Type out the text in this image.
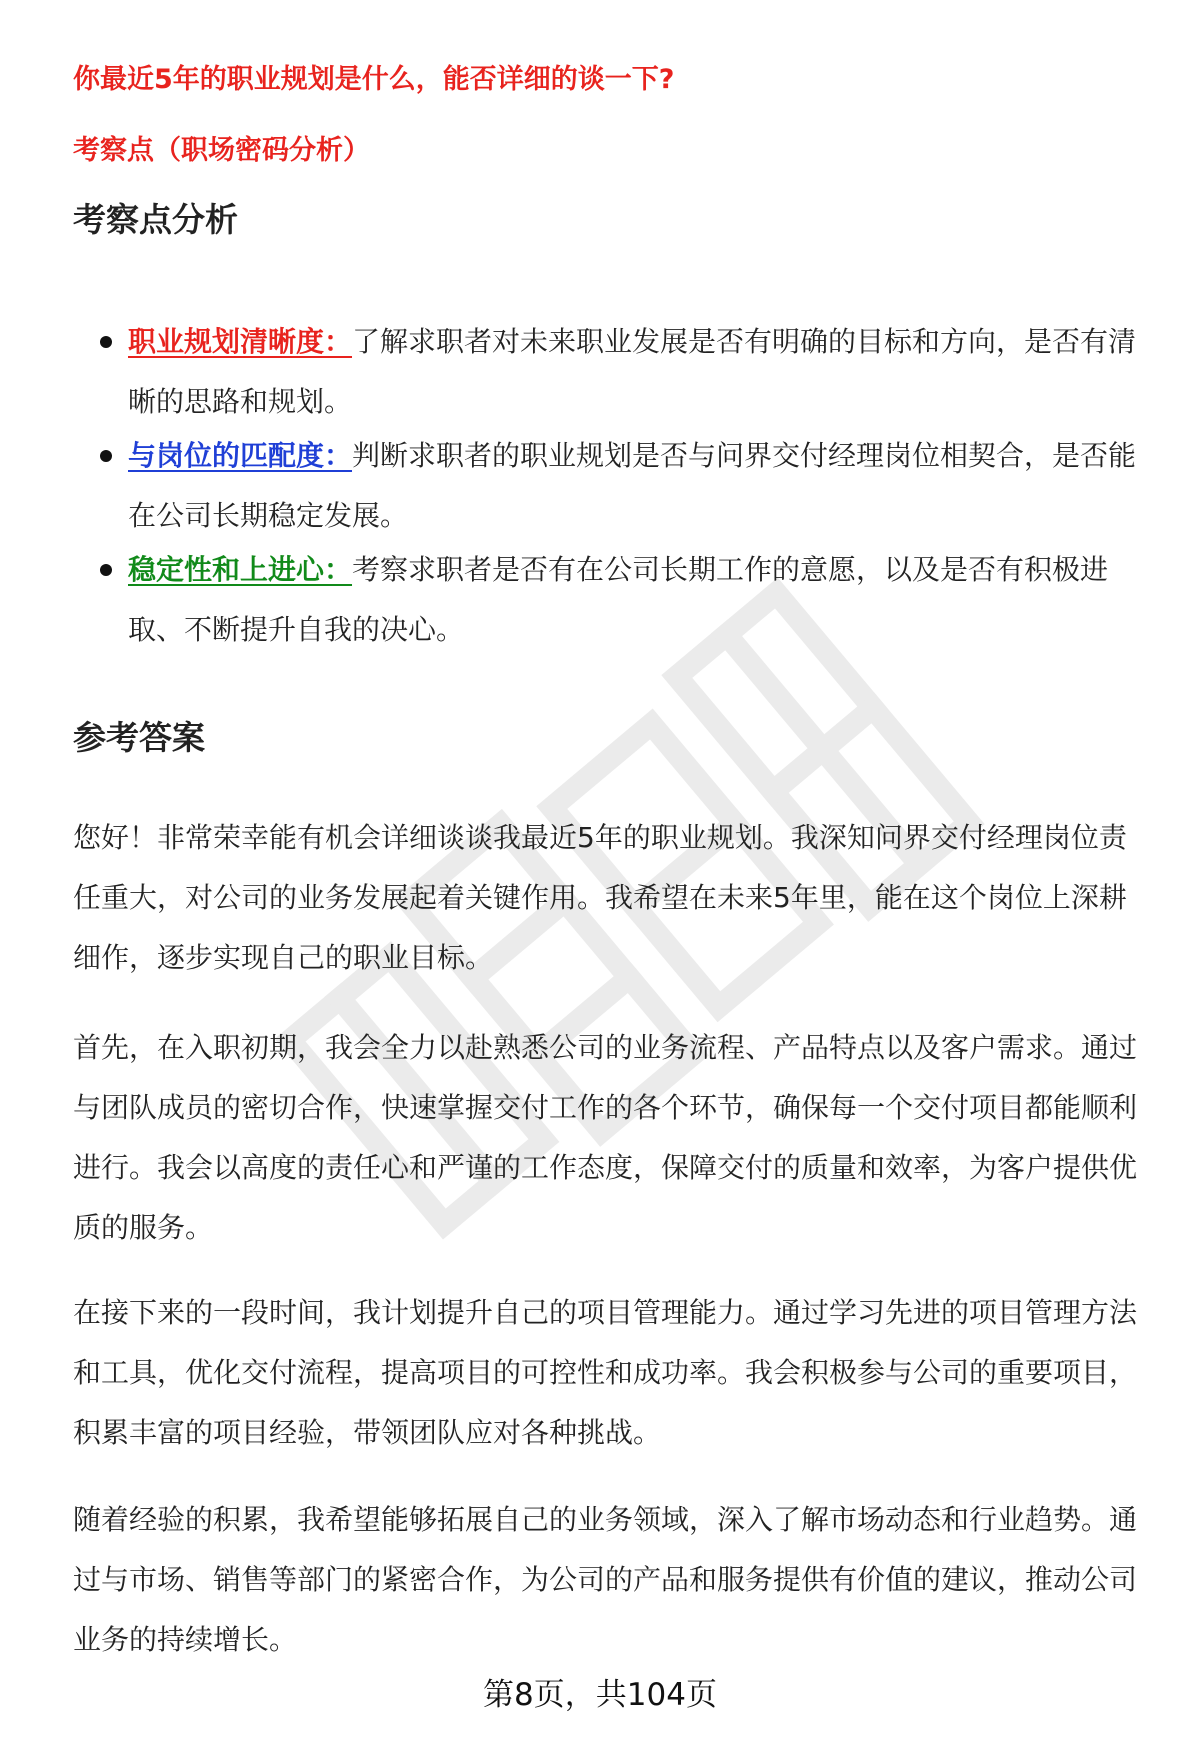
你最近5年的职业规划是什么，能否详细的谈一下?

考察点（职场密码分析）

考察点分析
职业规划清晰度：了解求职者对未来职业发展是否有明确的目标和方向，是否有清晰的思路和规划。
与岗位的匹配度：判断求职者的职业规划是否与问界交付经理岗位相契合，是否能在公司长期稳定发展。
稳定性和上进心：考察求职者是否有在公司长期工作的意愿，以及是否有积极进取、不断提升自我的决心。
参考答案

您好！非常荣幸能有机会详细谈谈我最近5年的职业规划。我深知问界交付经理岗位责任重大，对公司的业务发展起着关键作用。我希望在未来5年里，能在这个岗位上深耕细作，逐步实现自己的职业目标。

首先，在入职初期，我会全力以赴熟悉公司的业务流程、产品特点以及客户需求。通过与团队成员的密切合作，快速掌握交付工作的各个环节，确保每一个交付项目都能顺利进行。我会以高度的责任心和严谨的工作态度，保障交付的质量和效率，为客户提供优质的服务。

在接下来的一段时间，我计划提升自己的项目管理能力。通过学习先进的项目管理方法和工具，优化交付流程，提高项目的可控性和成功率。我会积极参与公司的重要项目，积累丰富的项目经验，带领团队应对各种挑战。

随着经验的积累，我希望能够拓展自己的业务领域，深入了解市场动态和行业趋势。通过与市场、销售等部门的紧密合作，为公司的产品和服务提供有价值的建议，推动公司业务的持续增长。

第8页，共104页
